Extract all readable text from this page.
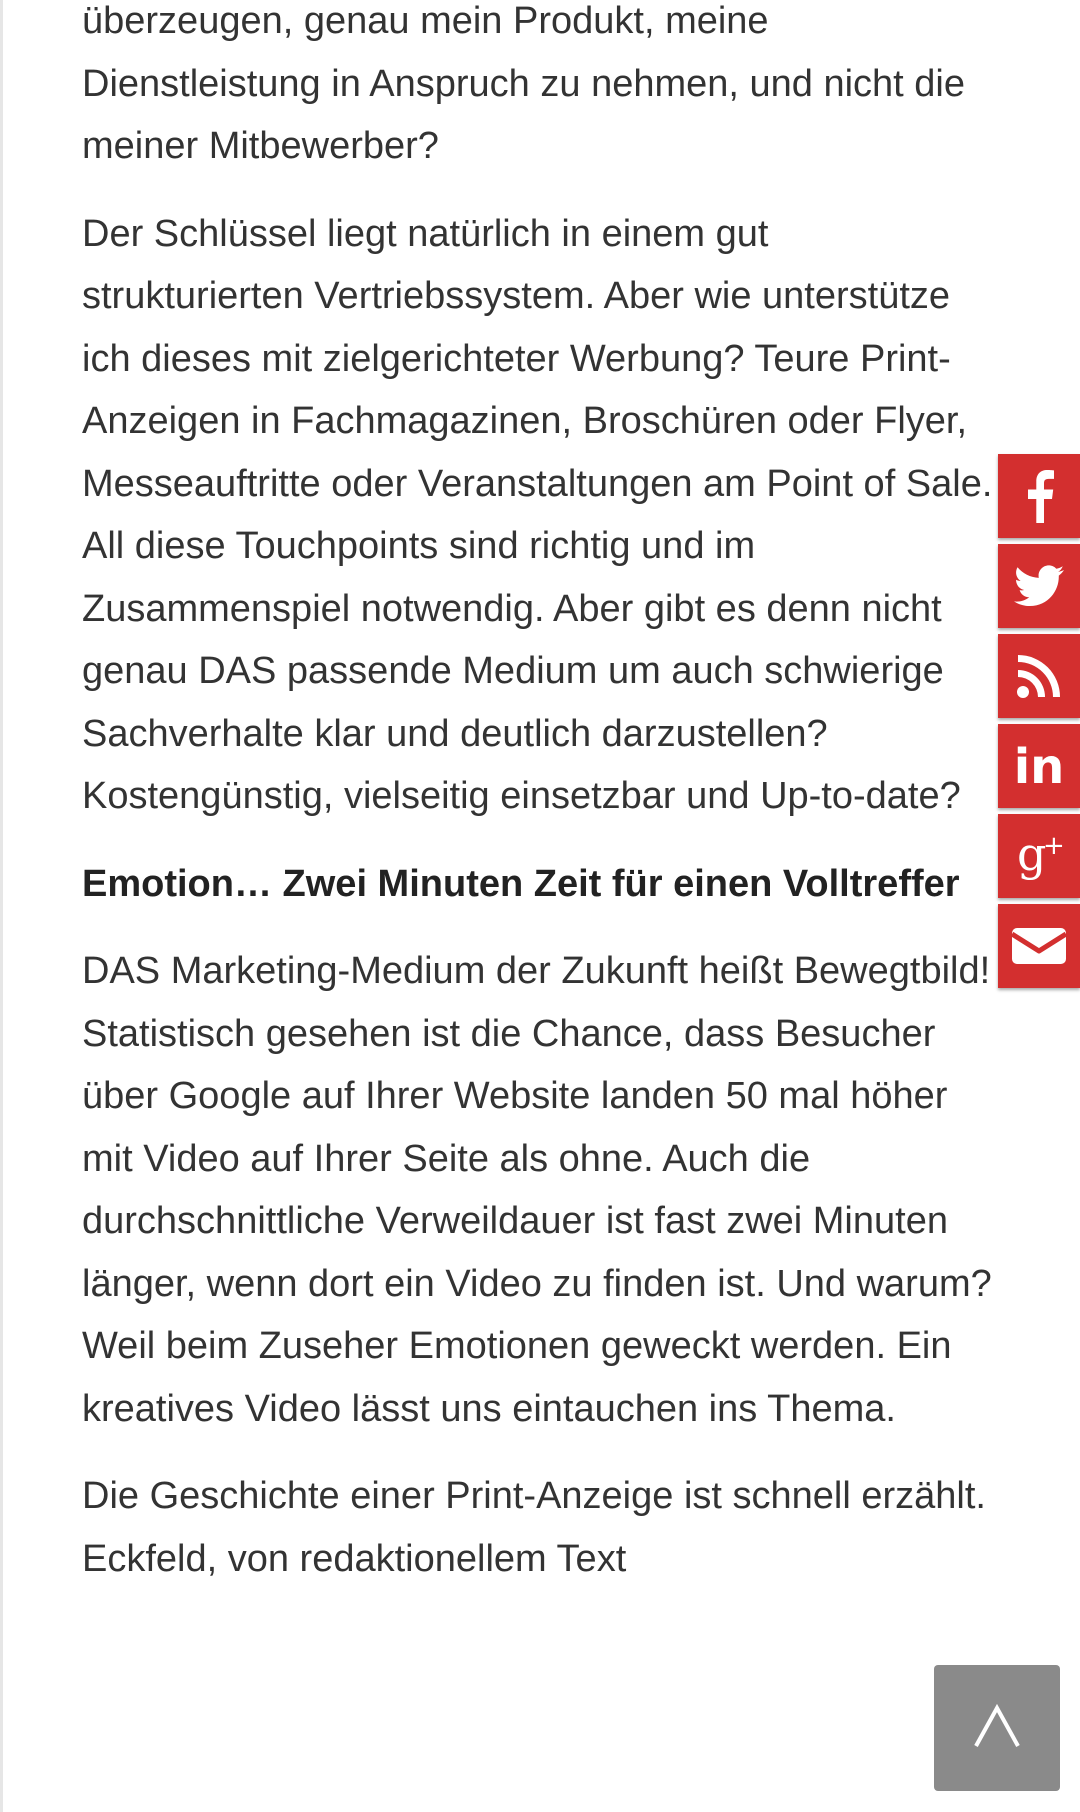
überzeugen, genau mein Produkt, meine Dienstleistung in Anspruch zu nehmen, und nicht die meiner Mitbewerber?

Der Schlüssel liegt natürlich in einem gut strukturierten Vertriebssystem. Aber wie unterstütze ich dieses mit zielgerichteter Werbung? Teure Print-Anzeigen in Fachmagazinen, Broschüren oder Flyer, Messeauftritte oder Veranstaltungen am Point of Sale. All diese Touchpoints sind richtig und im Zusammenspiel notwendig. Aber gibt es denn nicht genau DAS passende Medium um auch schwierige Sachverhalte klar und deutlich darzustellen? Kostengünstig, vielseitig einsetzbar und Up-to-date?

Emotion… Zwei Minuten Zeit für einen Volltreffer

DAS Marketing-Medium der Zukunft heißt Bewegtbild! Statistisch gesehen ist die Chance, dass Besucher über Google auf Ihrer Website landen 50 mal höher mit Video auf Ihrer Seite als ohne. Auch die durchschnittliche Verweildauer ist fast zwei Minuten länger, wenn dort ein Video zu finden ist. Und warum? Weil beim Zuseher Emotionen geweckt werden. Ein kreatives Video lässt uns eintauchen ins Thema.

Die Geschichte einer Print-Anzeige ist schnell erzählt. Eckfeld, von redaktionellem Text

in
g
+
